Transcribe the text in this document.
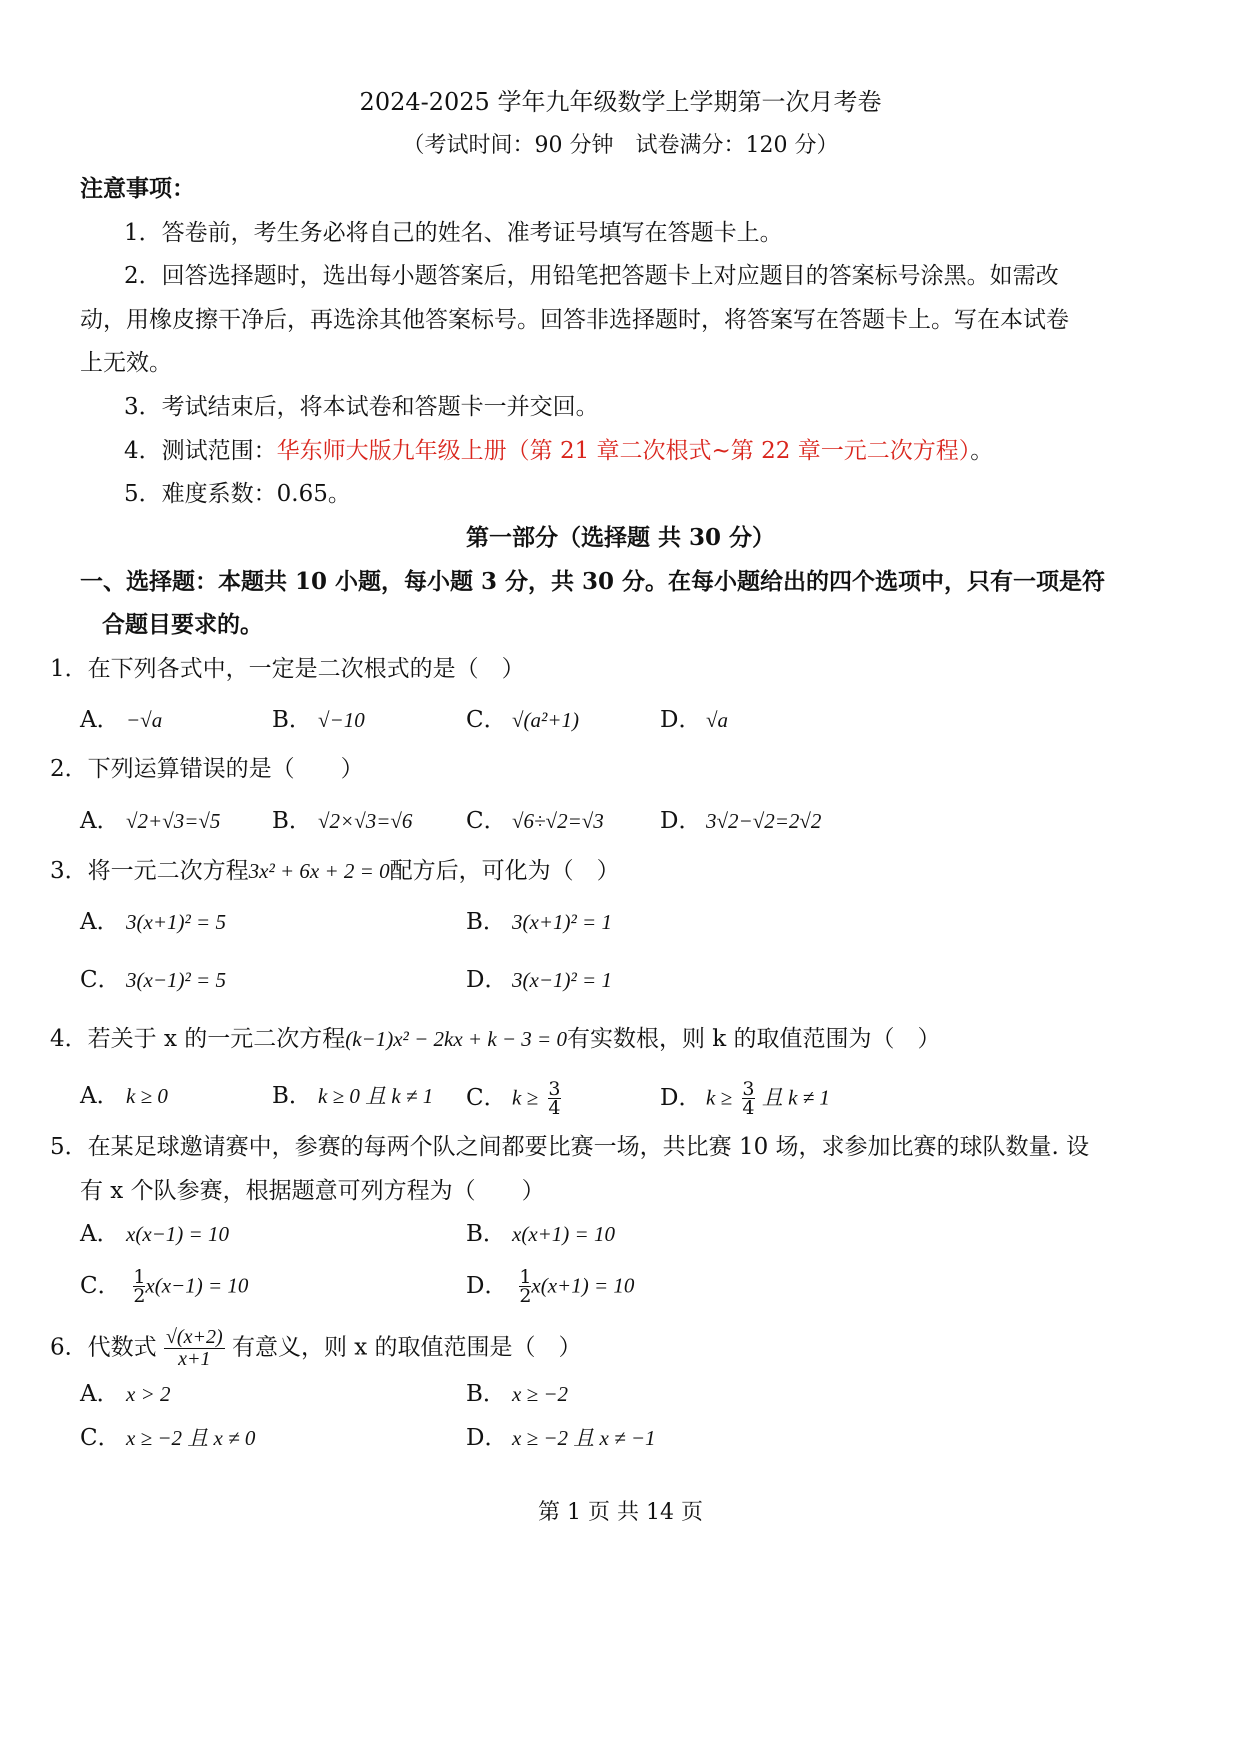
2024-2025 学年九年级数学上学期第一次月考卷
（考试时间：90 分钟　试卷满分：120 分）
注意事项：
1．答卷前，考生务必将自己的姓名、准考证号填写在答题卡上。
2．回答选择题时，选出每小题答案后，用铅笔把答题卡上对应题目的答案标号涂黑。如需改
动，用橡皮擦干净后，再选涂其他答案标号。回答非选择题时，将答案写在答题卡上。写在本试卷
上无效。
3．考试结束后，将本试卷和答题卡一并交回。
4．测试范围：华东师大版九年级上册（第 21 章二次根式~第 22 章一元二次方程）。
5．难度系数：0.65。
第一部分（选择题 共 30 分）
一、选择题：本题共 10 小题，每小题 3 分，共 30 分。在每小题给出的四个选项中，只有一项是符
合题目要求的。
1．在下列各式中，一定是二次根式的是（　）
A． −√a	B． √−10	C． √(a²+1)	D． √a
2．下列运算错误的是（　　）
A． √2+√3=√5 B． √2×√3=√6 C． √6÷√2=√3 D． 3√2−√2=2√2
3．将一元二次方程3x² + 6x + 2 = 0配方后，可化为（　）
A． 3(x+1)² = 5	B． 3(x+1)² = 1
C． 3(x−1)² = 5	D． 3(x−1)² = 1
4．若关于 x 的一元二次方程(k−1)x² − 2kx + k − 3 = 0有实数根，则 k 的取值范围为（　）
A． k ≥ 0	B． k ≥ 0 且 k ≠ 1 C． $k \ge \frac{3}{4}$	D． $k \ge \frac{3}{4}$ 且 k ≠ 1
5．在某足球邀请赛中，参赛的每两个队之间都要比赛一场，共比赛 10 场，求参加比赛的球队数量. 设
有 x 个队参赛，根据题意可列方程为（　　）
A． x(x−1) = 10	B． x(x+1) = 10
C． $\frac{1}{2} x(x-1) = 10$	D． $\frac{1}{2} x(x+1) = 10$
6．代数式 $\frac{√(x+2)}{x+1}$ 有意义，则 x 的取值范围是（　）
A． x > 2	B． x ≥ −2
C． x ≥ −2 且 x ≠ 0	D． x ≥ −2 且 x ≠ −1
第 1 页 共 14 页
